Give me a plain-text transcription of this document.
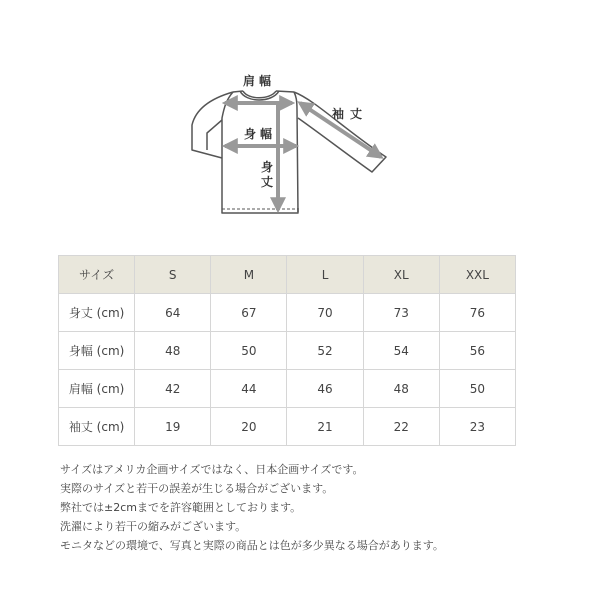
肩幅
身幅
身丈
袖丈
サイズ	S	M	L	XL	XXL
身丈 (cm)	64	67	70	73	76
身幅 (cm)	48	50	52	54	56
肩幅 (cm)	42	44	46	48	50
袖丈 (cm)	19	20	21	22	23

サイズはアメリカ企画サイズではなく、日本企画サイズです。

実際のサイズと若干の誤差が生じる場合がございます。

弊社では±2cmまでを許容範囲としております。

洗濯により若干の縮みがございます。

モニタなどの環境で、写真と実際の商品とは色が多少異なる場合があります。
